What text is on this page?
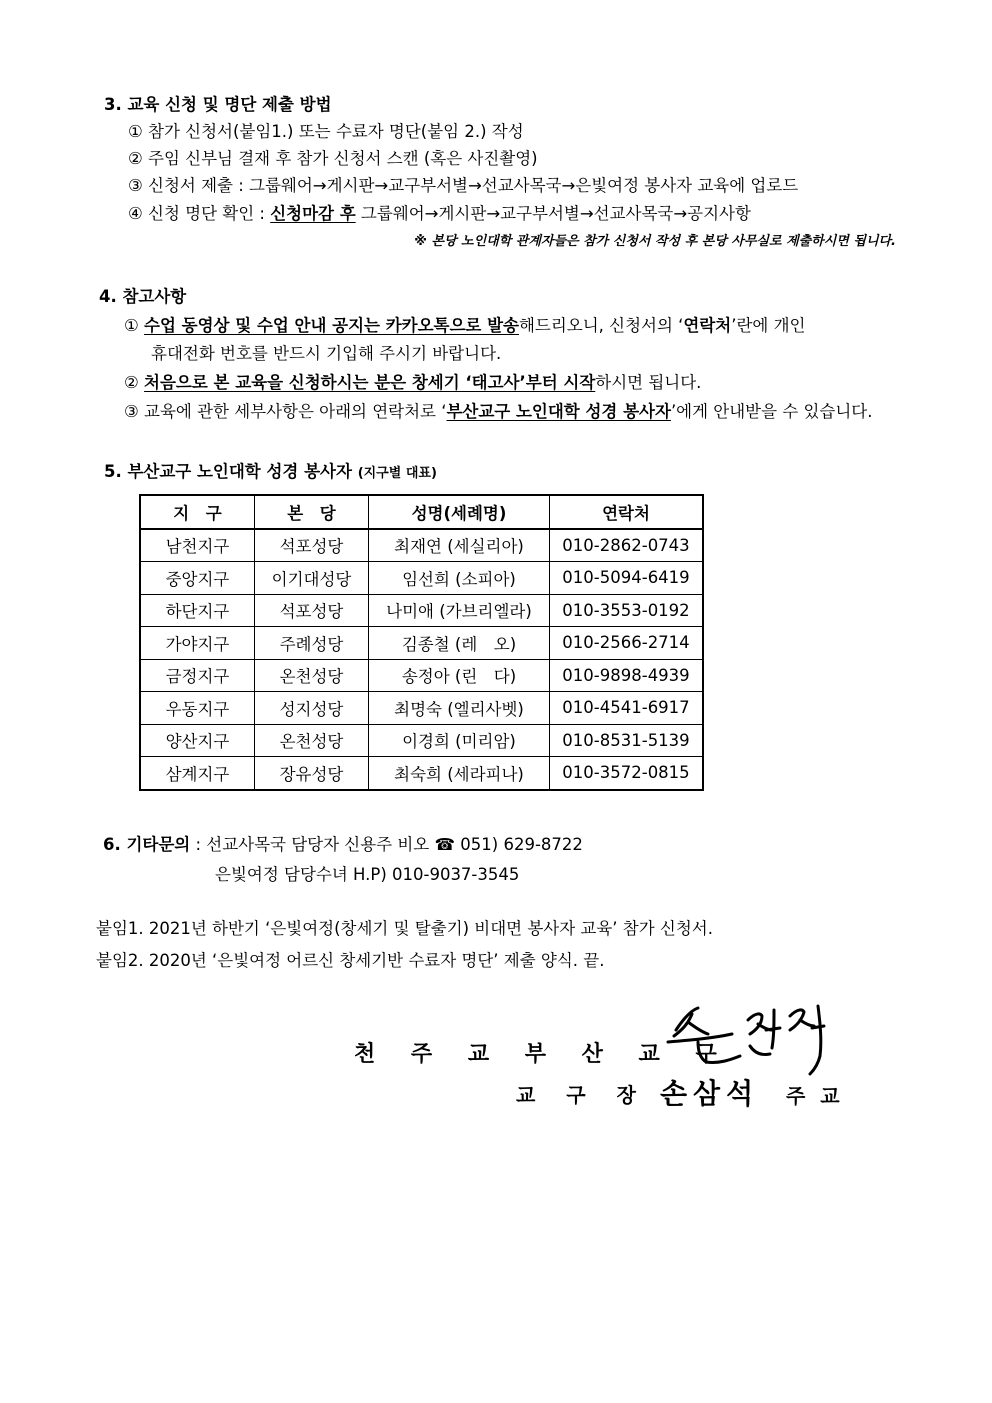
3. 교육 신청 및 명단 제출 방법
① 참가 신청서(붙임1.) 또는 수료자 명단(붙임 2.) 작성
② 주임 신부님 결재 후 참가 신청서 스캔 (혹은 사진촬영)
③ 신청서 제출 : 그룹웨어→게시판→교구부서별→선교사목국→은빛여정 봉사자 교육에 업로드
④ 신청 명단 확인 : 신청마감 후 그룹웨어→게시판→교구부서별→선교사목국→공지사항
※ 본당 노인대학 관계자들은 참가 신청서 작성 후 본당 사무실로 제출하시면 됩니다.
4. 참고사항
① 수업 동영상 및 수업 안내 공지는 카카오톡으로 발송해드리오니, 신청서의 ‘연락처’란에 개인
휴대전화 번호를 반드시 기입해 주시기 바랍니다.
② 처음으로 본 교육을 신청하시는 분은 창세기 ‘태고사’부터 시작하시면 됩니다.
③ 교육에 관한 세부사항은 아래의 연락처로 ‘부산교구 노인대학 성경 봉사자’에게 안내받을 수 있습니다.
5. 부산교구 노인대학 성경 봉사자 (지구별 대표)
지　구	본　당	성명(세례명)	연락처
남천지구	석포성당	최재연 (세실리아)	010-2862-0743
중앙지구	이기대성당	임선희 (소피아)	010-5094-6419
하단지구	석포성당	나미애 (가브리엘라)	010-3553-0192
가야지구	주례성당	김종철 (레　오)	010-2566-2714
금정지구	온천성당	송정아 (린　다)	010-9898-4939
우동지구	성지성당	최명숙 (엘리사벳)	010-4541-6917
양산지구	온천성당	이경희 (미리암)	010-8531-5139
삼계지구	장유성당	최숙희 (세라피나)	010-3572-0815
6. 기타문의 : 선교사목국 담당자 신용주 비오 ☎ 051) 629-8722
은빛여정 담당수녀 H.P) 010-9037-3545
붙임1. 2021년 하반기 ‘은빛여정(창세기 및 탈출기) 비대면 봉사자 교육’ 참가 신청서.
붙임2. 2020년 ‘은빛여정 어르신 창세기반 수료자 명단’ 제출 양식. 끝.
천 주 교 부 산 교 구
교 구 장 손삼석 주 교
